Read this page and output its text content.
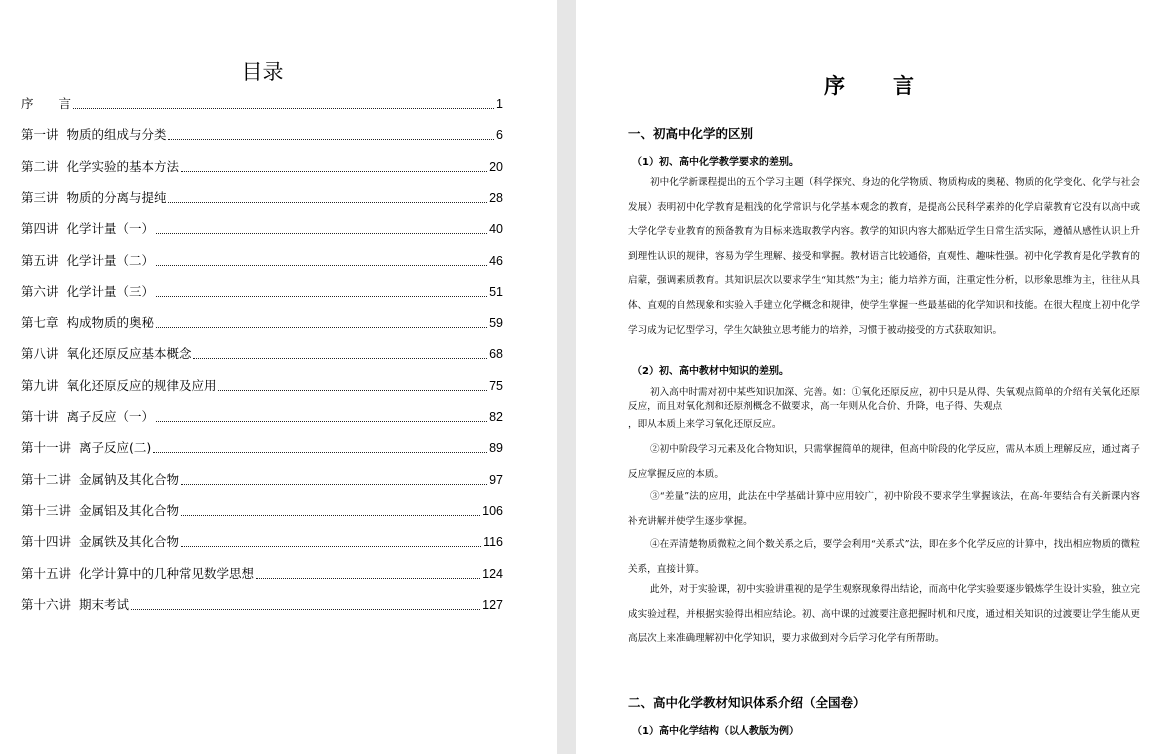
目录
序　　言	1
第一讲  物质的组成与分类	6
第二讲  化学实验的基本方法	20
第三讲  物质的分离与提纯	28
第四讲  化学计量（一）	40
第五讲  化学计量（二）	46
第六讲  化学计量（三）	51
第七章  构成物质的奥秘	59
第八讲  氧化还原反应基本概念	68
第九讲  氧化还原反应的规律及应用	75
第十讲  离子反应（一）	82
第十一讲  离子反应(二)	89
第十二讲  金属钠及其化合物	97
第十三讲  金属铝及其化合物	106
第十四讲  金属铁及其化合物	116
第十五讲  化学计算中的几种常见数学思想	124
第十六讲  期末考试	127
序　　言
一、初高中化学的区别
（1）初、高中化学教学要求的差别。
初中化学新课程提出的五个学习主题（科学探究、身边的化学物质、物质构成的奥秘、物质的化学变化、化学与社会发展）表明初中化学教育是粗浅的化学常识与化学基本观念的教育，是提高公民科学素养的化学启蒙教育它没有以高中或大学化学专业教育的预备教育为目标来选取教学内容。教学的知识内容大都贴近学生日常生活实际，遵循从感性认识上升到理性认识的规律，容易为学生理解、接受和掌握。教材语言比较通俗，直观性、趣味性强。初中化学教育是化学教育的启蒙，强调素质教育。其知识层次以要求学生“知其然”为主；能力培养方面，注重定性分析，以形象思维为主，往往从具体、直观的自然现象和实验入手建立化学概念和规律，使学生掌握一些最基础的化学知识和技能。在很大程度上初中化学学习成为记忆型学习，学生欠缺独立思考能力的培养，习惯于被动接受的方式获取知识。
（2）初、高中教材中知识的差别。
初入高中时需对初中某些知识加深、完善。如：①氧化还原反应，初中只是从得、失氧观点简单的介绍有关氧化还原反应，而且对氧化剂和还原剂概念不做要求，高一年则从化合价、升降，电子得、失观点
，即从本质上来学习氧化还原反应。
②初中阶段学习元素及化合物知识，只需掌握简单的规律，但高中阶段的化学反应，需从本质上理解反应，通过离子反应掌握反应的本质。
③“差量”法的应用，此法在中学基础计算中应用较广，初中阶段不要求学生掌握该法，在高-年要结合有关新课内容补充讲解并使学生逐步掌握。
④在弄清楚物质微粒之间个数关系之后，要学会利用“关系式”法，即在多个化学反应的计算中，找出相应物质的微粒关系，直接计算。
此外，对于实验课，初中实验讲重视的是学生观察现象得出结论，而高中化学实验要逐步锻炼学生设计实验，独立完成实验过程，并根据实验得出相应结论。初、高中课的过渡要注意把握时机和尺度，通过相关知识的过渡要让学生能从更高层次上来准确理解初中化学知识，要力求做到对今后学习化学有所帮助。
二、高中化学教材知识体系介绍（全国卷）
（1）高中化学结构（以人教版为例）
